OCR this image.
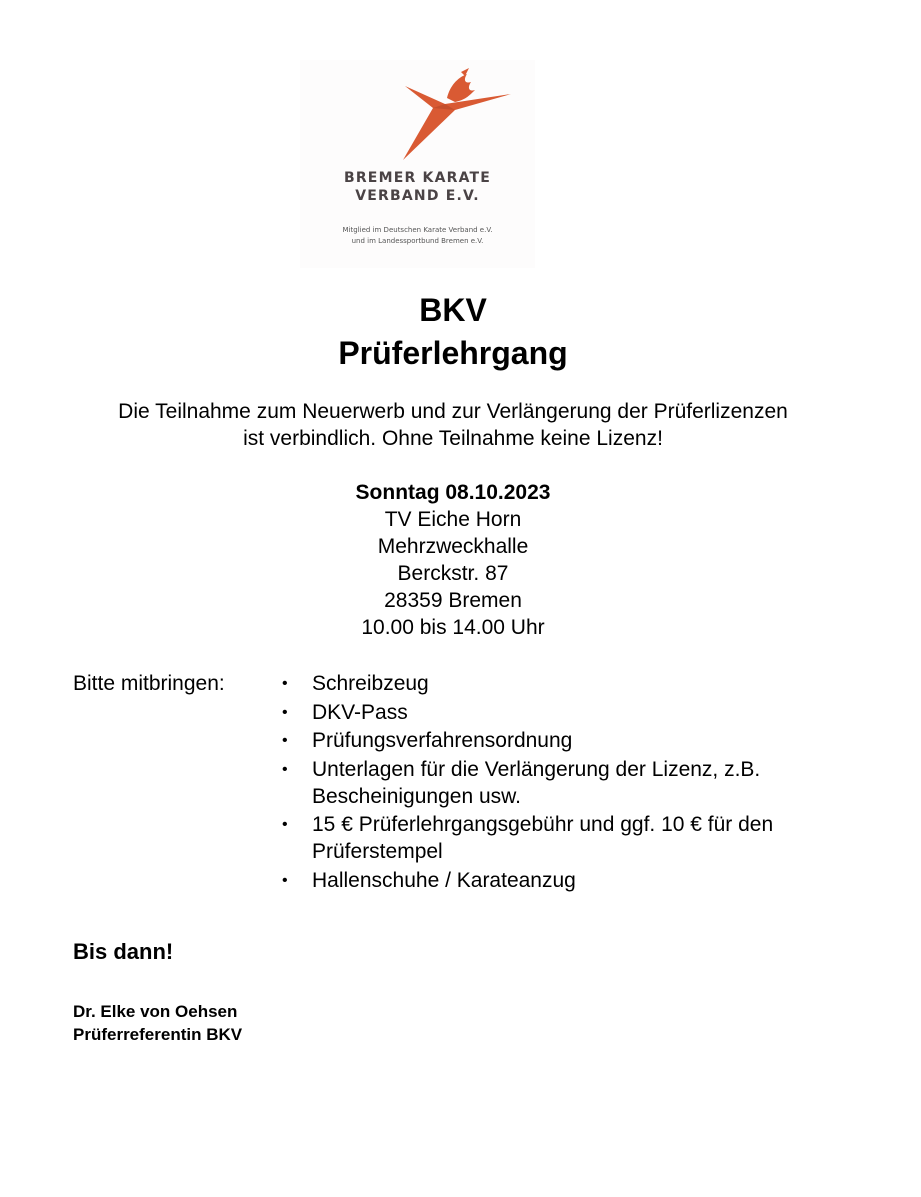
BREMER KARATE
VERBAND E.V.
Mitglied im Deutschen Karate Verband e.V.
und im Landessportbund Bremen e.V.
BKV
Prüferlehrgang
Die Teilnahme zum Neuerwerb und zur Verlängerung der Prüferlizenzen
ist verbindlich. Ohne Teilnahme keine Lizenz!
Sonntag 08.10.2023
TV Eiche Horn
Mehrzweckhalle
Berckstr. 87
28359 Bremen
10.00 bis 14.00 Uhr
Bitte mitbringen:	• Schreibzeug
• DKV-Pass
• Prüfungsverfahrensordnung
• Unterlagen für die Verlängerung der Lizenz, z.B. Bescheinigungen usw.
• 15 € Prüferlehrgangsgebühr und ggf. 10 € für den Prüferstempel
• Hallenschuhe / Karateanzug
Bis dann!
Dr. Elke von Oehsen
Prüferreferentin BKV
